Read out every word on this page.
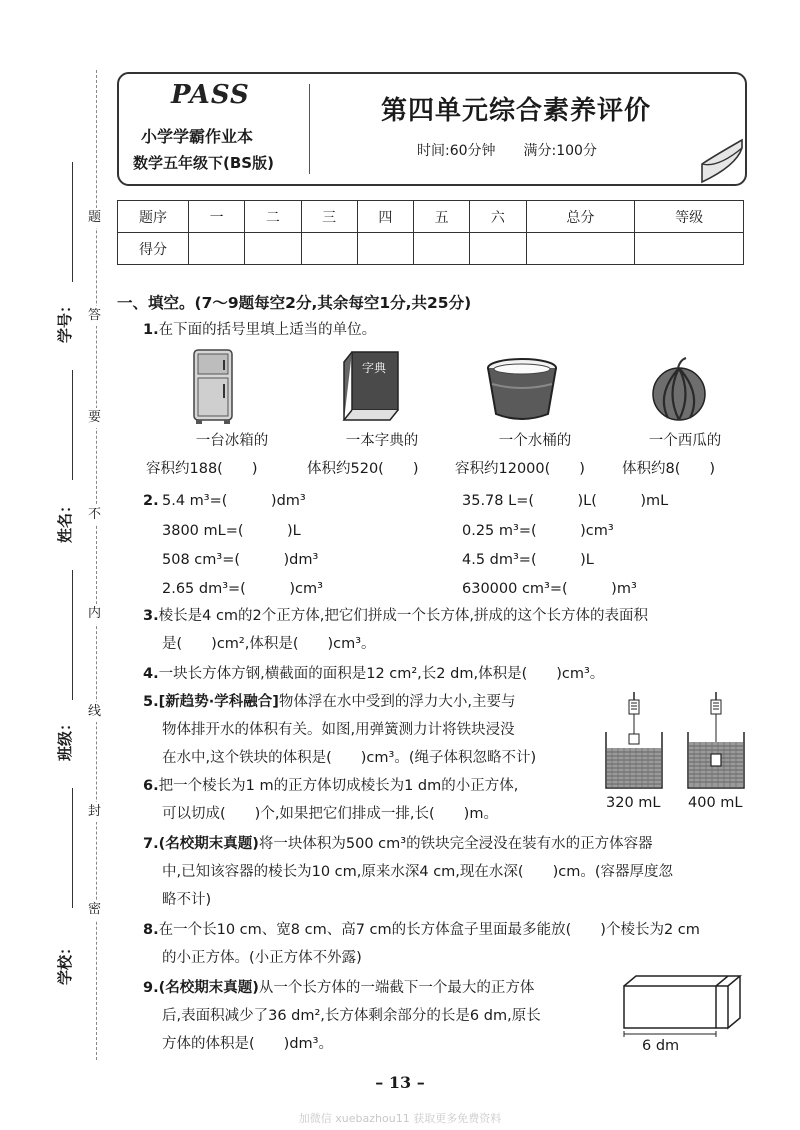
题
答
要
不
内
线
封
密
学号：
姓名：
班级：
学校：
PASS
小学学霸作业本
数学五年级下(BS版)
第四单元综合素养评价
时间:60分钟　　满分:100分
题序	一	二	三	四	五	六	总分	等级
得分								
一、填空。(7～9题每空2分,其余每空1分,共25分)
1.在下面的括号里填上适当的单位。
字典
一台冰箱的
容积约188(　　)
一本字典的
体积约520(　　)
一个水桶的
容积约12000(　　)
一个西瓜的
体积约8(　　)
2. 5.4 m³=(　　　)dm³	35.78 L=(　　　)L(　　　)mL
3800 mL=(　　　)L	0.25 m³=(　　　)cm³
508 cm³=(　　　)dm³	4.5 dm³=(　　　)L
2.65 dm³=(　　　)cm³	630000 cm³=(　　　)m³
3.棱长是4 cm的2个正方体,把它们拼成一个长方体,拼成的这个长方体的表面积
是(　　)cm²,体积是(　　)cm³。
4.一块长方体方钢,横截面的面积是12 cm²,长2 dm,体积是(　　)cm³。
5.[新趋势·学科融合]物体浮在水中受到的浮力大小,主要与
物体排开水的体积有关。如图,用弹簧测力计将铁块浸没
在水中,这个铁块的体积是(　　)cm³。(绳子体积忽略不计)
320 mL 400 mL
6.把一个棱长为1 m的正方体切成棱长为1 dm的小正方体,
可以切成(　　)个,如果把它们排成一排,长(　　)m。
7.(名校期末真题)将一块体积为500 cm³的铁块完全浸没在装有水的正方体容器
中,已知该容器的棱长为10 cm,原来水深4 cm,现在水深(　　)cm。(容器厚度忽
略不计)
8.在一个长10 cm、宽8 cm、高7 cm的长方体盒子里面最多能放(　　)个棱长为2 cm
的小正方体。(小正方体不外露)
9.(名校期末真题)从一个长方体的一端截下一个最大的正方体
后,表面积减少了36 dm²,长方体剩余部分的长是6 dm,原长
方体的体积是(　　)dm³。	6 dm
– 13 –
加微信 xuebazhou11 获取更多免费资料
